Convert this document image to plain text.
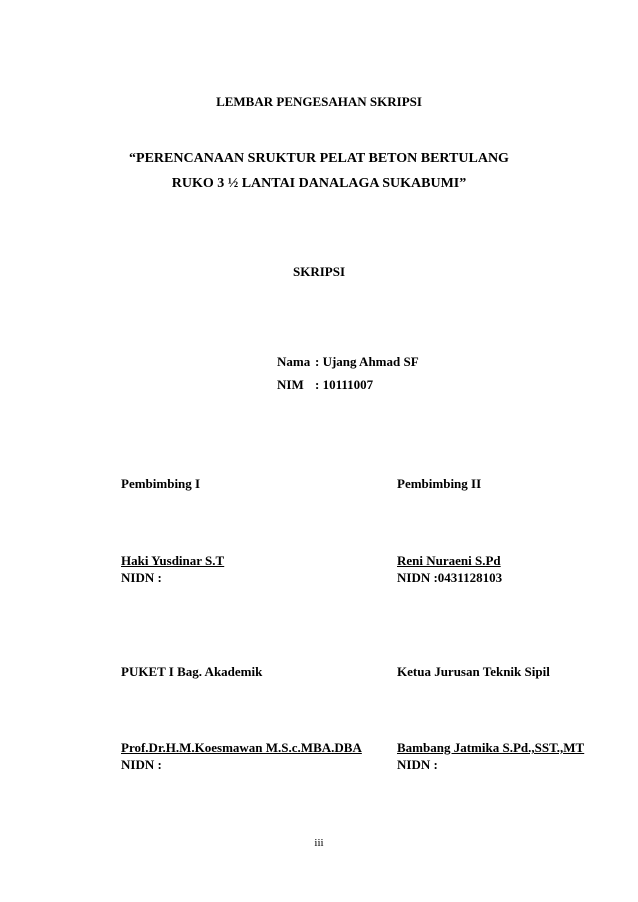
LEMBAR PENGESAHAN SKRIPSI
“PERENCANAAN SRUKTUR PELAT BETON BERTULANG
RUKO 3 ½ LANTAI DANALAGA SUKABUMI”
SKRIPSI
Nama : Ujang Ahmad SF
NIM : 10111007
Pembimbing I	Pembimbing II
Haki Yusdinar S.T
NIDN :
Reni Nuraeni S.Pd
NIDN :0431128103
PUKET I Bag. Akademik	Ketua Jurusan Teknik Sipil
Prof.Dr.H.M.Koesmawan M.S.c.MBA.DBA
NIDN :
Bambang Jatmika S.Pd.,SST.,MT
NIDN :
iii
